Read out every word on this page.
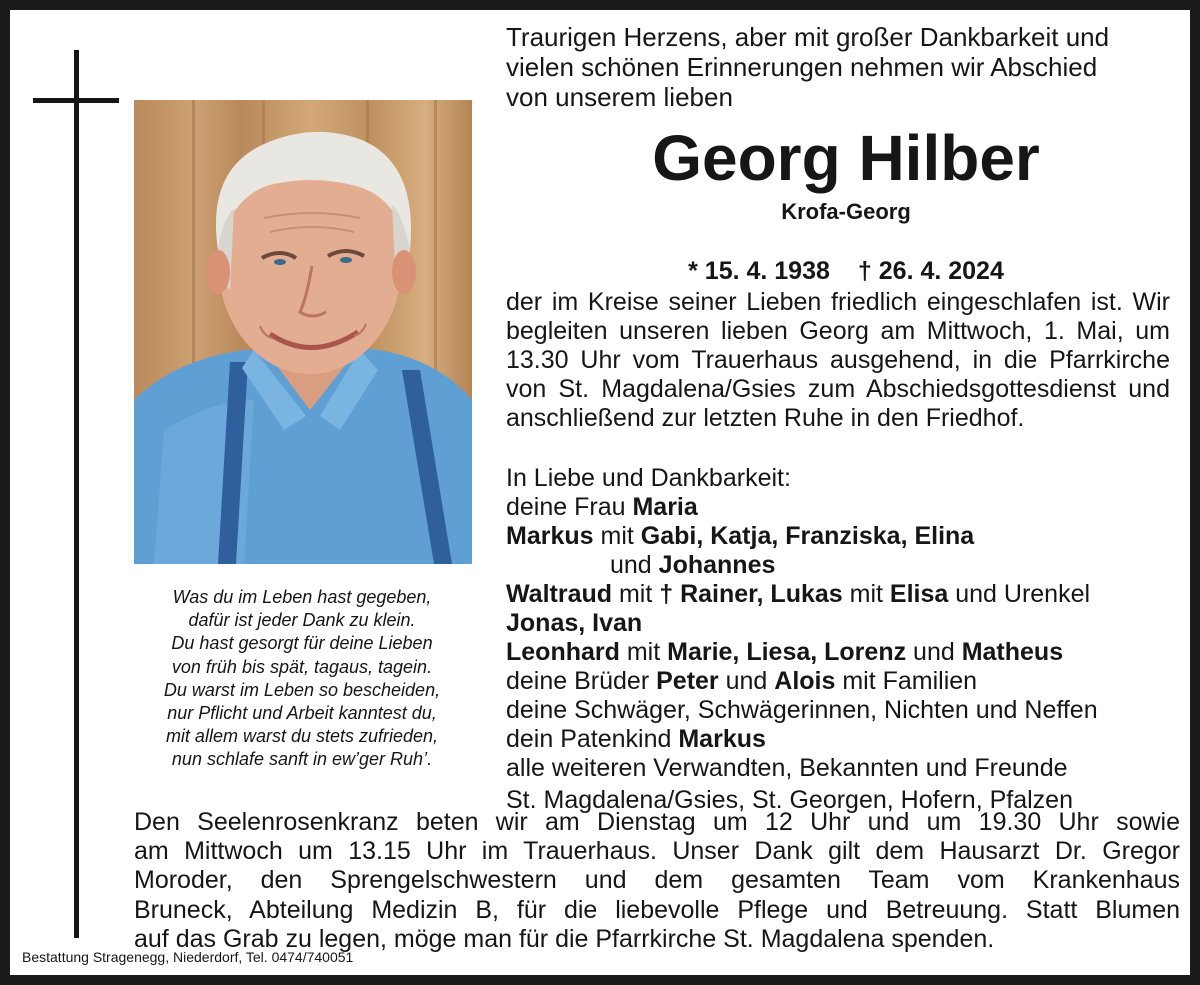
Was du im Leben hast gegeben,
dafür ist jeder Dank zu klein.
Du hast gesorgt für deine Lieben
von früh bis spät, tagaus, tagein.
Du warst im Leben so bescheiden,
nur Pflicht und Arbeit kanntest du,
mit allem warst du stets zufrieden,
nun schlafe sanft in ew’ger Ruh’.
Traurigen Herzens, aber mit großer Dankbarkeit und
vielen schönen Erinnerungen nehmen wir Abschied
von unserem lieben
Georg Hilber
Krofa-Georg
* 15. 4. 1938 † 26. 4. 2024
der im Kreise seiner Lieben friedlich eingeschlafen ist. Wir begleiten unseren lieben Georg am Mittwoch, 1. Mai, um 13.30 Uhr vom Trauerhaus ausgehend, in die Pfarrkirche von St. Magdalena/Gsies zum Abschiedsgottesdienst und anschließend zur letzten Ruhe in den Friedhof.
In Liebe und Dankbarkeit:
deine Frau Maria
Markus mit Gabi, Katja, Franziska, Elina
und Johannes
Waltraud mit † Rainer, Lukas mit Elisa und Urenkel
Jonas, Ivan
Leonhard mit Marie, Liesa, Lorenz und Matheus
deine Brüder Peter und Alois mit Familien
deine Schwäger, Schwägerinnen, Nichten und Neffen
dein Patenkind Markus
alle weiteren Verwandten, Bekannten und Freunde
St. Magdalena/Gsies, St. Georgen, Hofern, Pfalzen
Den Seelenrosenkranz beten wir am Dienstag um 12 Uhr und um 19.30 Uhr sowie
am Mittwoch um 13.15 Uhr im Trauerhaus. Unser Dank gilt dem Hausarzt Dr. Gregor
Moroder, den Sprengelschwestern und dem gesamten Team vom Krankenhaus
Bruneck, Abteilung Medizin B, für die liebevolle Pflege und Betreuung. Statt Blumen
auf das Grab zu legen, möge man für die Pfarrkirche St. Magdalena spenden.
Bestattung Stragenegg, Niederdorf, Tel. 0474/740051
